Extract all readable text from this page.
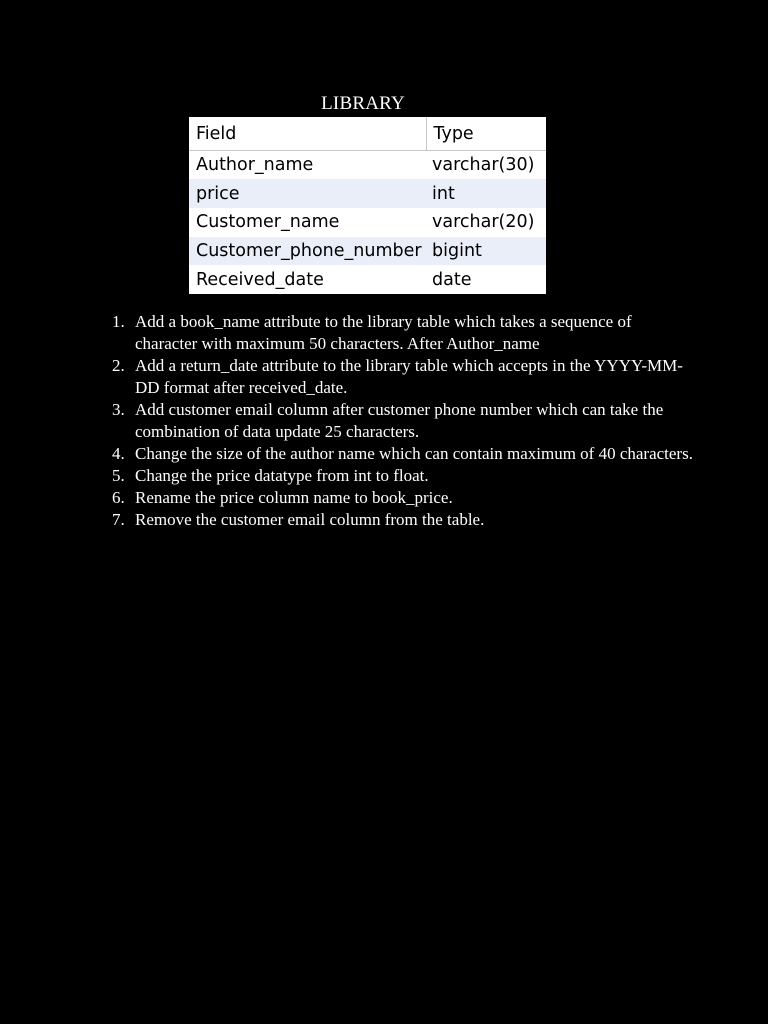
LIBRARY
Field	Type
Author_name	varchar(30)
price	int
Customer_name	varchar(20)
Customer_phone_number	bigint
Received_date	date
1. Add a book_name attribute to the library table which takes a sequence of character with maximum 50 characters. After Author_name
2. Add a return_date attribute to the library table which accepts in the YYYY-MM-DD format after received_date.
3. Add customer email column after customer phone number which can take the combination of data update 25 characters.
4. Change the size of the author name which can contain maximum of 40 characters.
5. Change the price datatype from int to float.
6. Rename the price column name to book_price.
7. Remove the customer email column from the table.
